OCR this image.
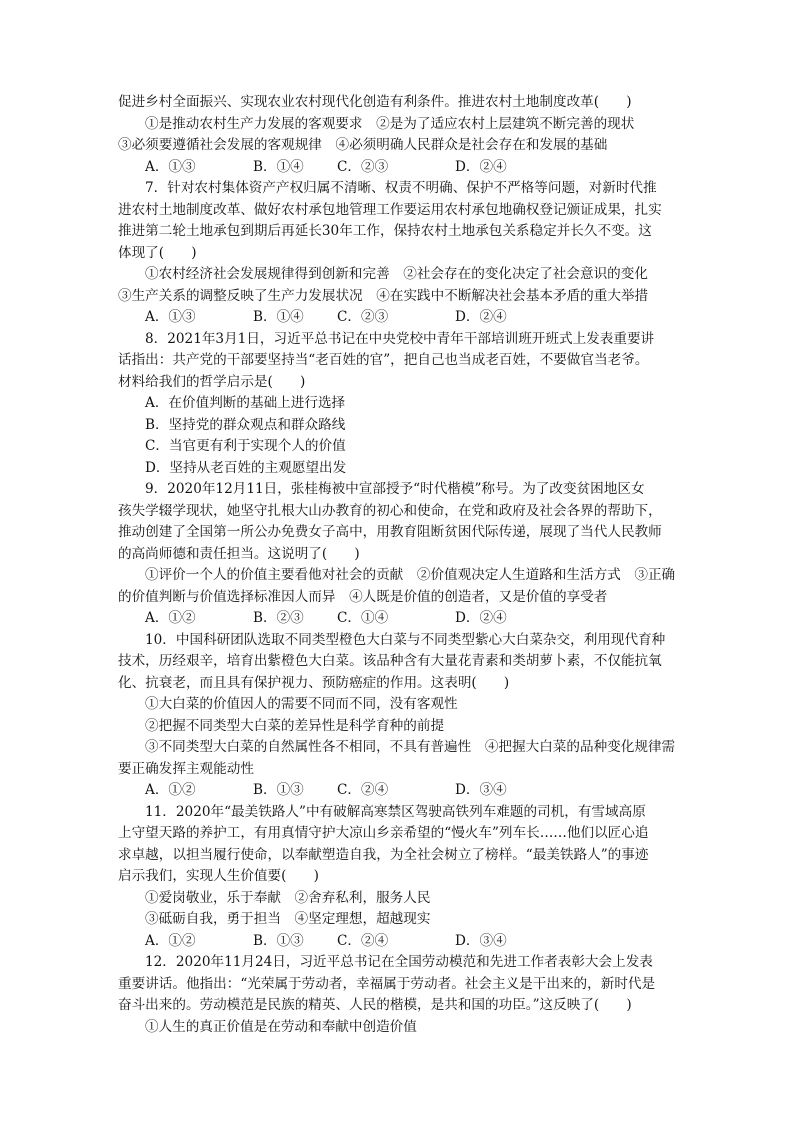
促进乡村全面振兴、实现农业农村现代化创造有利条件。推进农村土地制度改革(　　)

①是推动农村生产力发展的客观要求　②是为了适应农村上层建筑不断完善的现状

③必须要遵循社会发展的客观规律　④必须明确人民群众是社会存在和发展的基础

A．①③	B．①④	C．②③	D．②④

7．针对农村集体资产产权归属不清晰、权责不明确、保护不严格等问题，对新时代推

进农村土地制度改革、做好农村承包地管理工作要运用农村承包地确权登记颁证成果，扎实

推进第二轮土地承包到期后再延长30年工作，保持农村土地承包关系稳定并长久不变。这

体现了(　　)

①农村经济社会发展规律得到创新和完善　②社会存在的变化决定了社会意识的变化

③生产关系的调整反映了生产力发展状况　④在实践中不断解决社会基本矛盾的重大举措

A．①③	B．①④	C．②③	D．②④

8．2021年3月1日，习近平总书记在中央党校中青年干部培训班开班式上发表重要讲

话指出：共产党的干部要坚持当“老百姓的官”，把自己也当成老百姓，不要做官当老爷。

材料给我们的哲学启示是(　　)

A．在价值判断的基础上进行选择

B．坚持党的群众观点和群众路线

C．当官更有利于实现个人的价值

D．坚持从老百姓的主观愿望出发

9．2020年12月11日，张桂梅被中宣部授予“时代楷模”称号。为了改变贫困地区女

孩失学辍学现状，她坚守扎根大山办教育的初心和使命，在党和政府及社会各界的帮助下，

推动创建了全国第一所公办免费女子高中，用教育阻断贫困代际传递，展现了当代人民教师

的高尚师德和责任担当。这说明了(　　)

①评价一个人的价值主要看他对社会的贡献　②价值观决定人生道路和生活方式　③正确的价值判断与价值选择标准因人而异　④人既是价值的创造者，又是价值的享受者

A．①②	B．②③	C．①④	D．②④

10．中国科研团队选取不同类型橙色大白菜与不同类型紫心大白菜杂交，利用现代育种

技术，历经艰辛，培育出紫橙色大白菜。该品种含有大量花青素和类胡萝卜素，不仅能抗氧

化、抗衰老，而且具有保护视力、预防癌症的作用。这表明(　　)

①大白菜的价值因人的需要不同而不同，没有客观性

②把握不同类型大白菜的差异性是科学育种的前提

③不同类型大白菜的自然属性各不相同，不具有普遍性　④把握大白菜的品种变化规律需要正确发挥主观能动性

A．①②	B．①③	C．②④	D．③④

11．2020年“最美铁路人”中有破解高寒禁区驾驶高铁列车难题的司机，有雪域高原

上守望天路的养护工，有用真情守护大凉山乡亲希望的“慢火车”列车长……他们以匠心追

求卓越，以担当履行使命，以奉献塑造自我，为全社会树立了榜样。“最美铁路人”的事迹

启示我们，实现人生价值要(　　)

①爱岗敬业，乐于奉献　②舍弃私利，服务人民

③砥砺自我，勇于担当　④坚定理想，超越现实

A．①②	B．①③	C．②④	D．③④

12．2020年11月24日，习近平总书记在全国劳动模范和先进工作者表彰大会上发表

重要讲话。他指出：“光荣属于劳动者，幸福属于劳动者。社会主义是干出来的，新时代是

奋斗出来的。劳动模范是民族的精英、人民的楷模，是共和国的功臣。”这反映了(　　)

①人生的真正价值是在劳动和奉献中创造价值
